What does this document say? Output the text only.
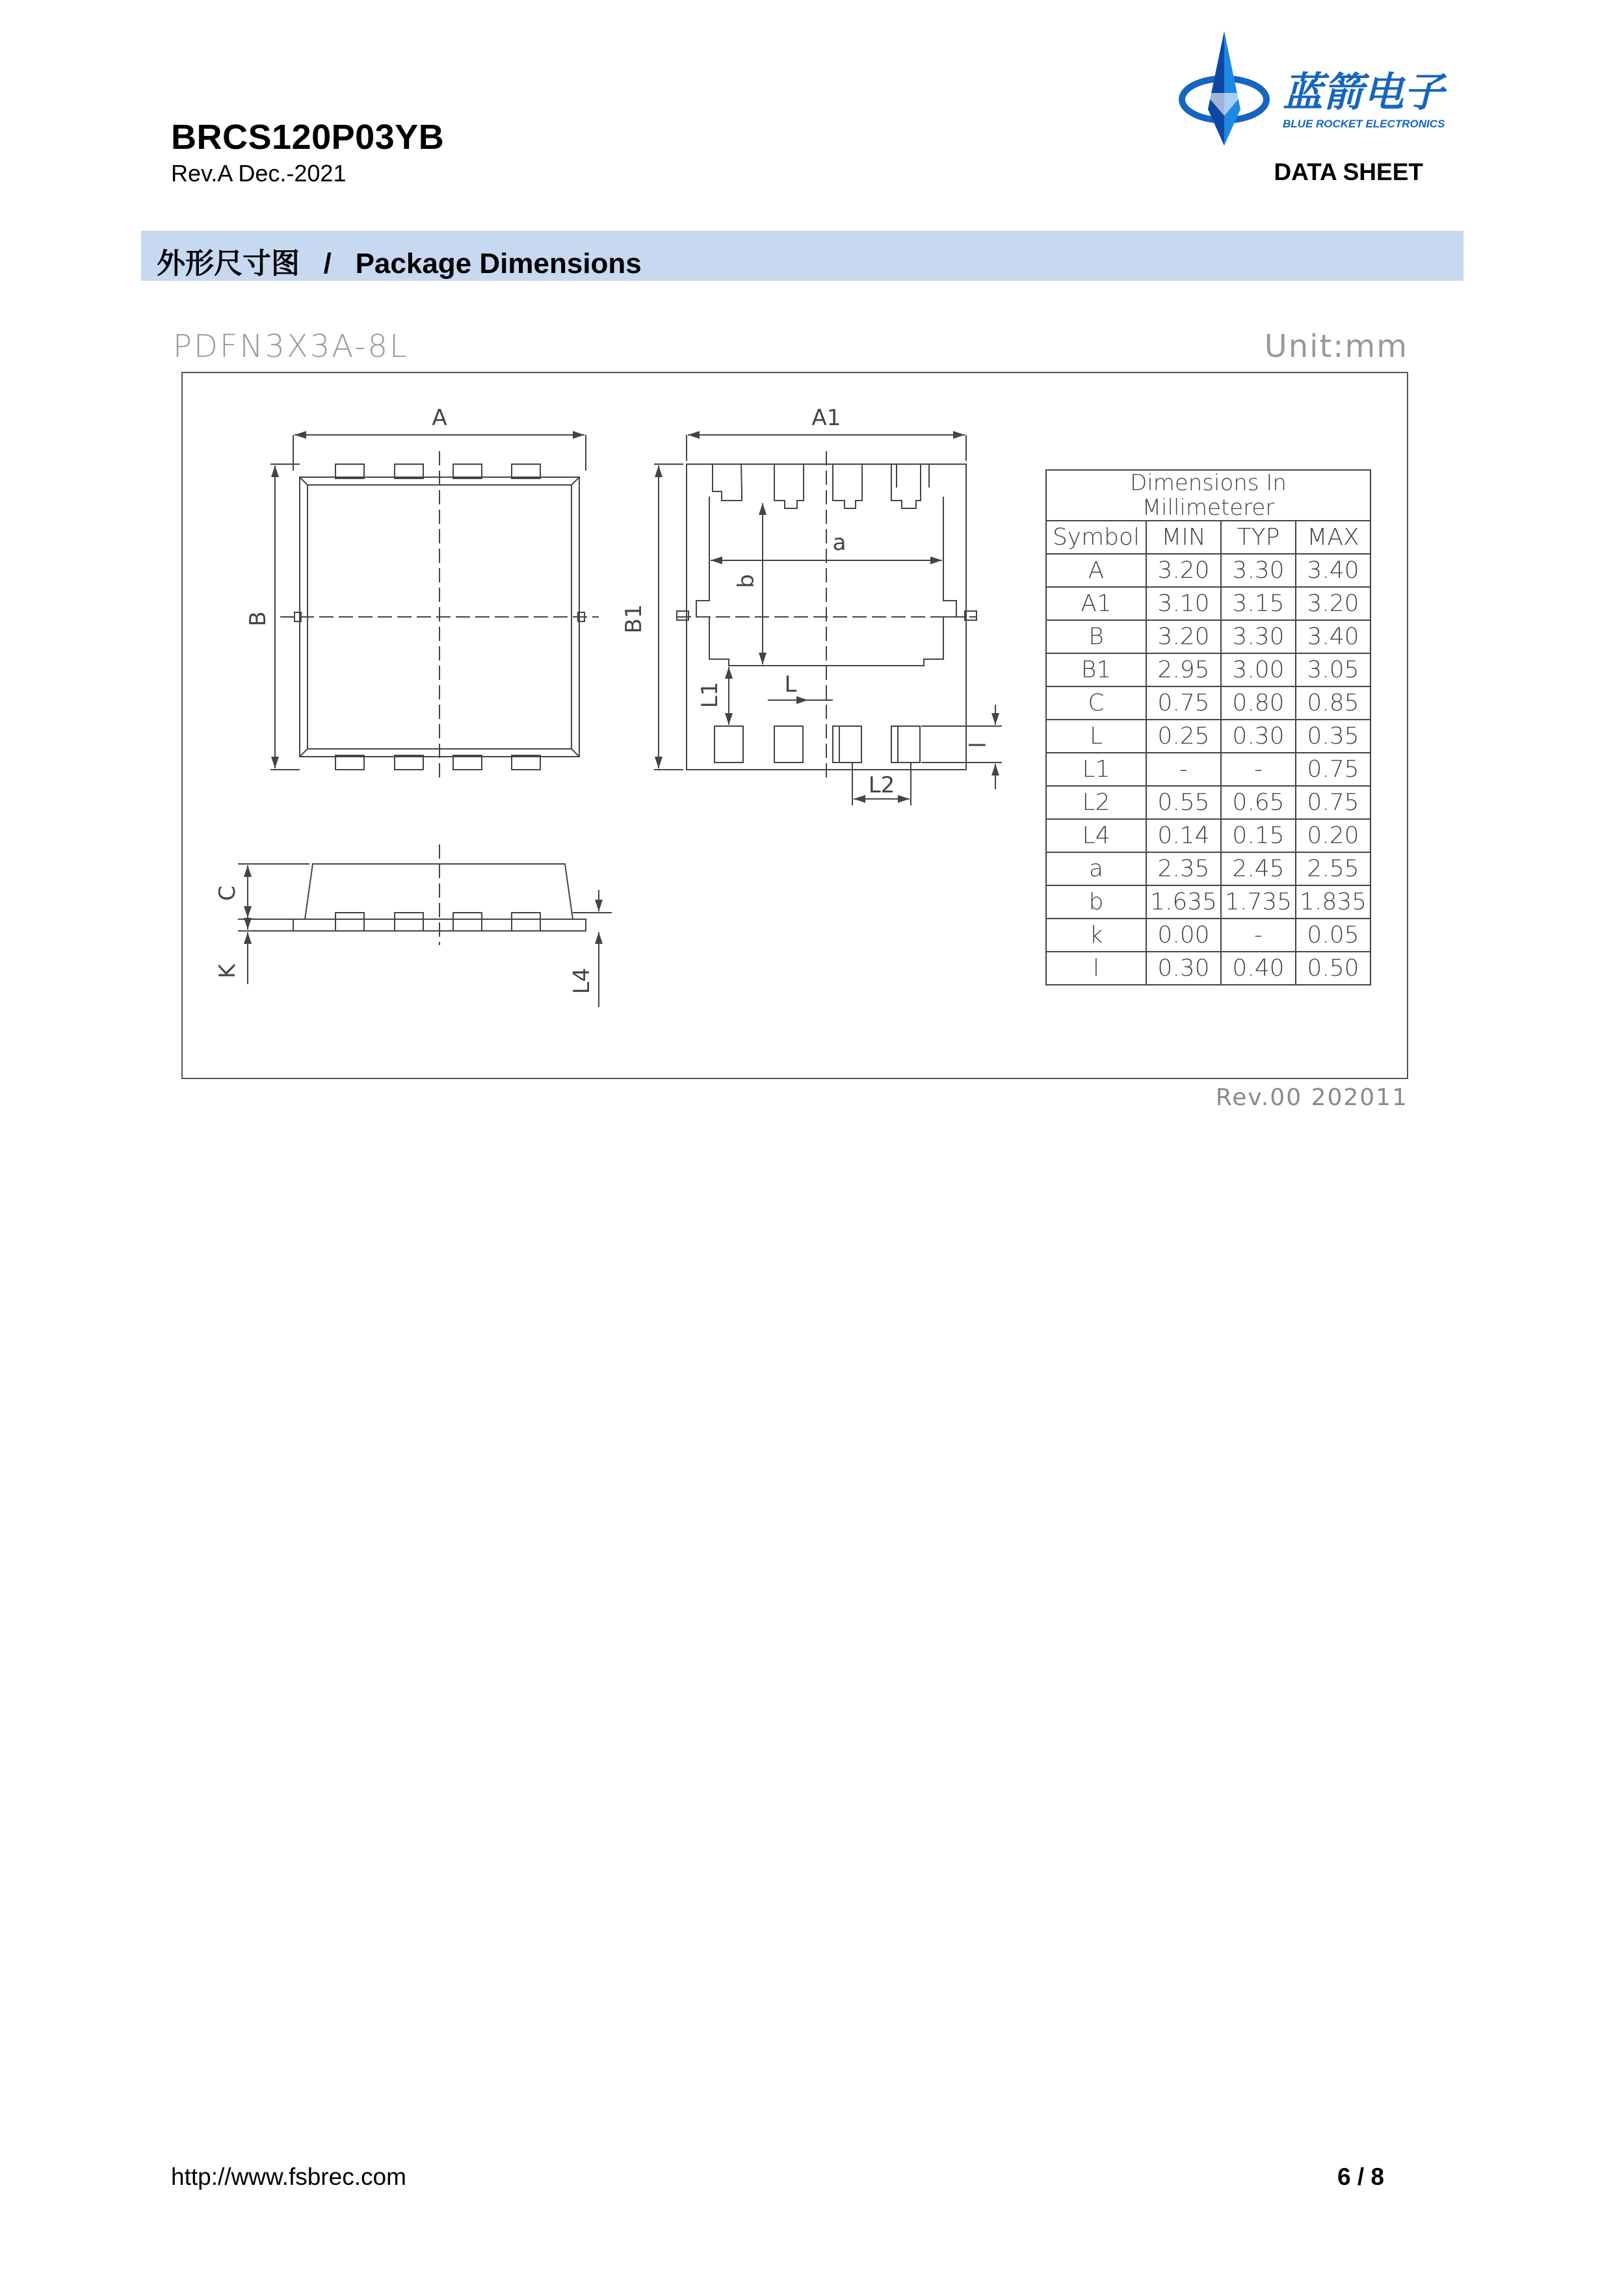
BRCS120P03YB
Rev.A Dec.-2021
蓝箭电子
BLUE ROCKET ELECTRONICS
DATA SHEET
外形尺寸图   /   Package Dimensions
PDFN3X3A-8L	Unit:mm
A
B
A1
B1
a
b
L1	L
L2
l
C
K	L4
Dimensions In
Millimeterer			

Symbol	MIN	TYP	MAX
A	3.20	3.30	3.40
A1	3.10	3.15	3.20
B	3.20	3.30	3.40
B1	2.95	3.00	3.05
C	0.75	0.80	0.85
L	0.25	0.30	0.35
L1	-	-	0.75
L2	0.55	0.65	0.75
L4	0.14	0.15	0.20
a	2.35	2.45	2.55
b	1.635	1.735	1.835
k	0.00	-	0.05
l	0.30	0.40	0.50
Rev.00 202011
http://www.fsbrec.com	6 / 8
